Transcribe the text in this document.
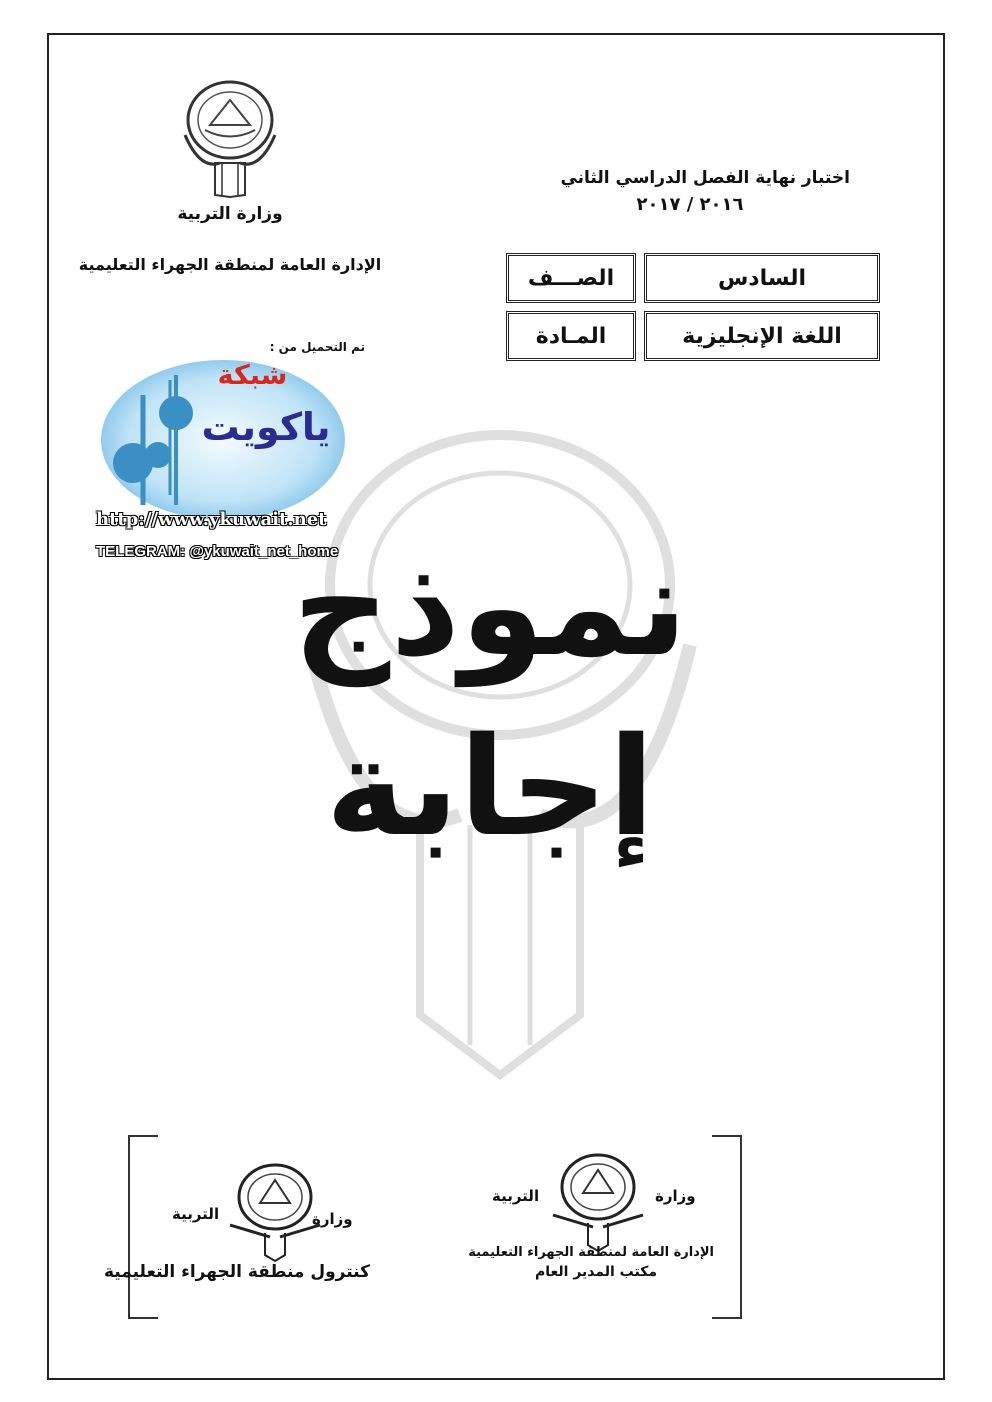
وزارة التربية
الإدارة العامة لمنطقة الجهراء التعليمية
اختبار نهاية الفصل الدراسي الثاني
٢٠١٦ / ٢٠١٧
الصـــف	السادس
المـادة	اللغة الإنجليزية
تم التحميل من :
شبكة
ياكويت
http://www.ykuwait.net
TELEGRAM: @ykuwait_net_home
نموذج
إجابة
وزارة
التربية
كنترول منطقة الجهراء التعليمية
وزارة
التربية
الإدارة العامة لمنطقة الجهراء التعليمية
مكتب المدير العام
